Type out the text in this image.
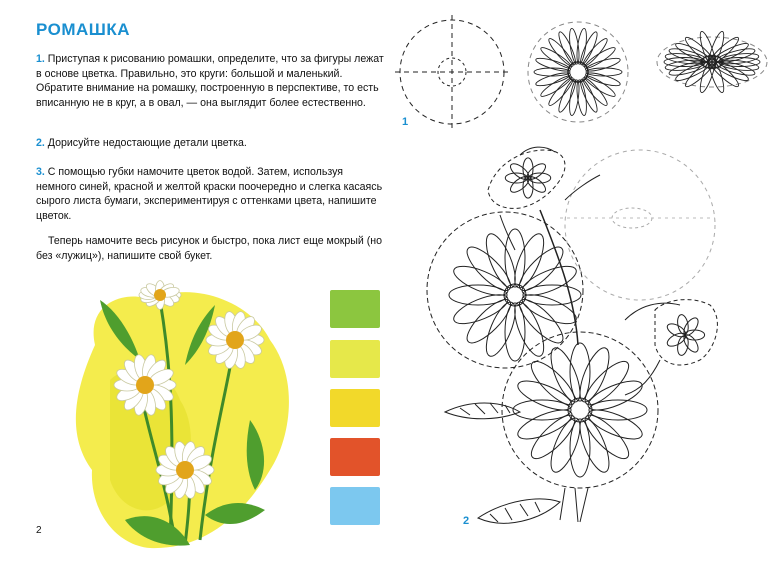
РОМАШКА
1. Приступая к рисованию ромашки, определите, что за фигуры лежат в основе цветка. Правильно, это круги: большой и маленький. Обратите внимание на ромашку, построенную в перспективе, то есть вписанную не в круг, а в овал, — она выглядит более естественно.
2. Дорисуйте недостающие детали цветка.
3. С помощью губки намочите цветок водой. Затем, используя немного синей, красной и желтой краски поочередно и слегка касаясь сырого листа бумаги, экспериментируя с оттенками цвета, напишите цветок.
Теперь намочите весь рисунок и быстро, пока лист еще мокрый (но без «лужиц»), напишите свой букет.
2
1
2
